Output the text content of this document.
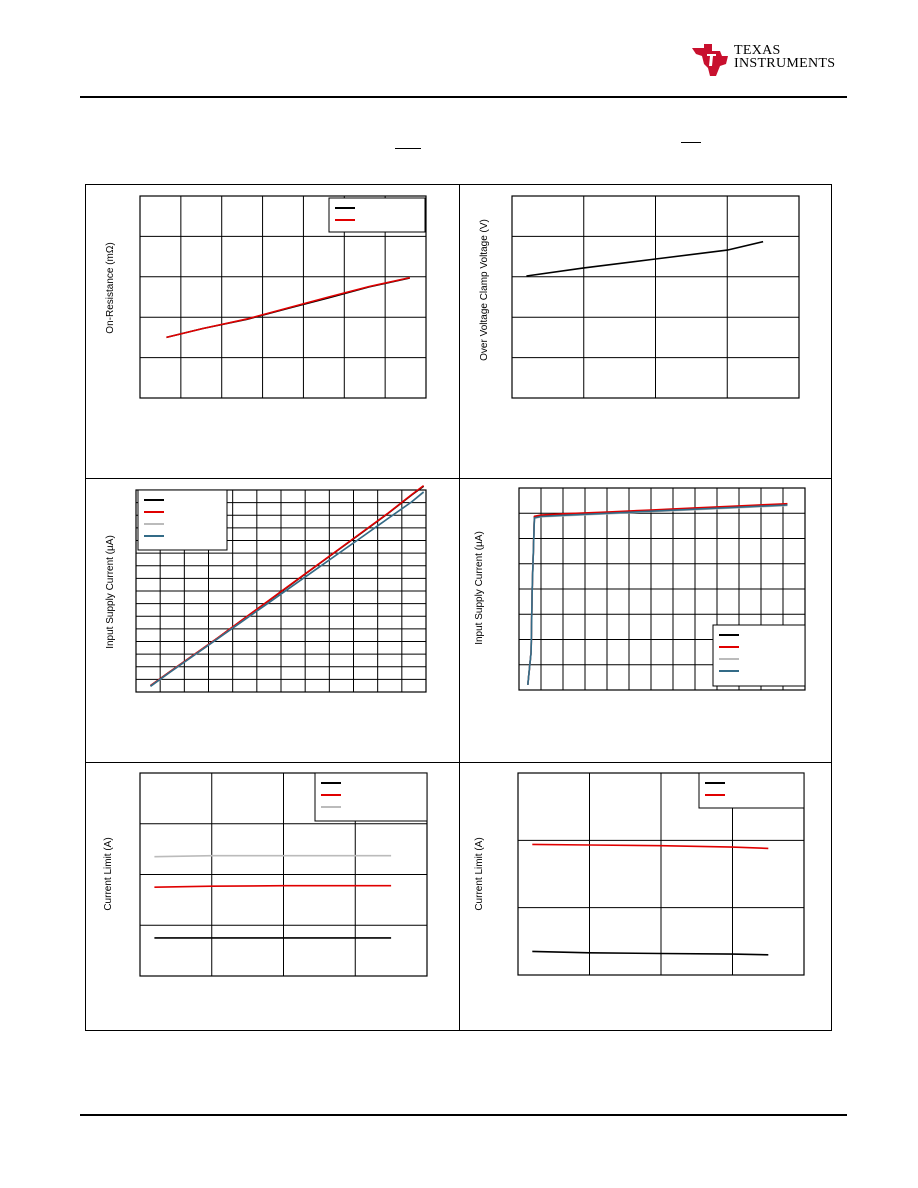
TEXAS
INSTRUMENTS
On-Resistance (mΩ)	Over Voltage Clamp Voltage (V)
Input Supply Current (µA)	Input Supply Current (µA)
Current Limit (A)	Current Limit (A)
